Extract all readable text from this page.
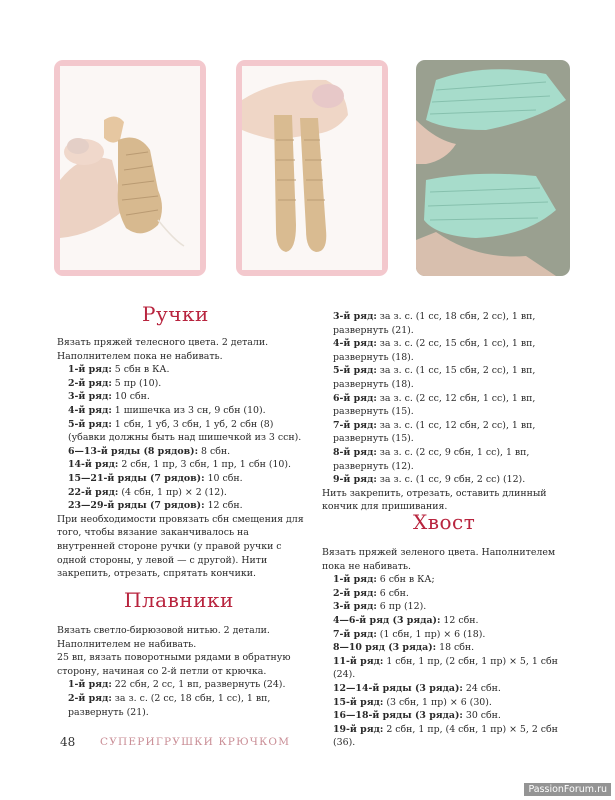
Ручки

Вязать пряжей телесного цвета. 2 детали. Наполнителем пока не набивать.

1-й ряд: 5 сбн в КА.

2-й ряд: 5 пр (10).

3-й ряд: 10 сбн.

4-й ряд: 1 шишечка из 3 сн, 9 сбн (10).

5-й ряд: 1 сбн, 1 уб, 3 сбн, 1 уб, 2 сбн (8) (убавки должны быть над шишечкой из 3 ссн).

6—13-й ряды (8 рядов): 8 сбн.

14-й ряд: 2 сбн, 1 пр, 3 сбн, 1 пр, 1 сбн (10).

15—21-й ряды (7 рядов): 10 сбн.

22-й ряд: (4 сбн, 1 пр) × 2 (12).

23—29-й ряды (7 рядов): 12 сбн.

При необходимости провязать сбн смещения для того, чтобы вязание заканчивалось на внутренней стороне ручки (у правой ручки с одной стороны, у левой — с другой). Нити закрепить, отрезать, спрятать кончики.

Плавники

Вязать светло-бирюзовой нитью. 2 детали. Наполнителем не набивать.

25 вп, вязать поворотными рядами в обратную сторону, начиная со 2-й петли от крючка.

1-й ряд: 22 сбн, 2 сс, 1 вп, развернуть (24).

2-й ряд: за з. с. (2 сс, 18 сбн, 1 сс), 1 вп, развернуть (21).

3-й ряд: за з. с. (1 сс, 18 сбн, 2 сс), 1 вп, развернуть (21).

4-й ряд: за з. с. (2 сс, 15 сбн, 1 сс), 1 вп, развернуть (18).

5-й ряд: за з. с. (1 сс, 15 сбн, 2 сс), 1 вп, развернуть (18).

6-й ряд: за з. с. (2 сс, 12 сбн, 1 сс), 1 вп, развернуть (15).

7-й ряд: за з. с. (1 сс, 12 сбн, 2 сс), 1 вп, развернуть (15).

8-й ряд: за з. с. (2 сс, 9 сбн, 1 сс), 1 вп, развернуть (12).

9-й ряд: за з. с. (1 сс, 9 сбн, 2 сс) (12).

Нить закрепить, отрезать, оставить длинный кончик для пришивания.

Хвост

Вязать пряжей зеленого цвета. Наполнителем пока не набивать.

1-й ряд: 6 сбн в КА;

2-й ряд: 6 сбн.

3-й ряд: 6 пр (12).

4—6-й ряд (3 ряда): 12 сбн.

7-й ряд: (1 сбн, 1 пр) × 6 (18).

8—10 ряд (3 ряда): 18 сбн.

11-й ряд: 1 сбн, 1 пр, (2 сбн, 1 пр) × 5, 1 сбн (24).

12—14-й ряды (3 ряда): 24 сбн.

15-й ряд: (3 сбн, 1 пр) × 6 (30).

16—18-й ряды (3 ряда): 30 сбн.

19-й ряд: 2 сбн, 1 пр, (4 сбн, 1 пр) × 5, 2 сбн (36).

48 СУПЕРИГРУШКИ КРЮЧКОМ
PassionForum.ru
